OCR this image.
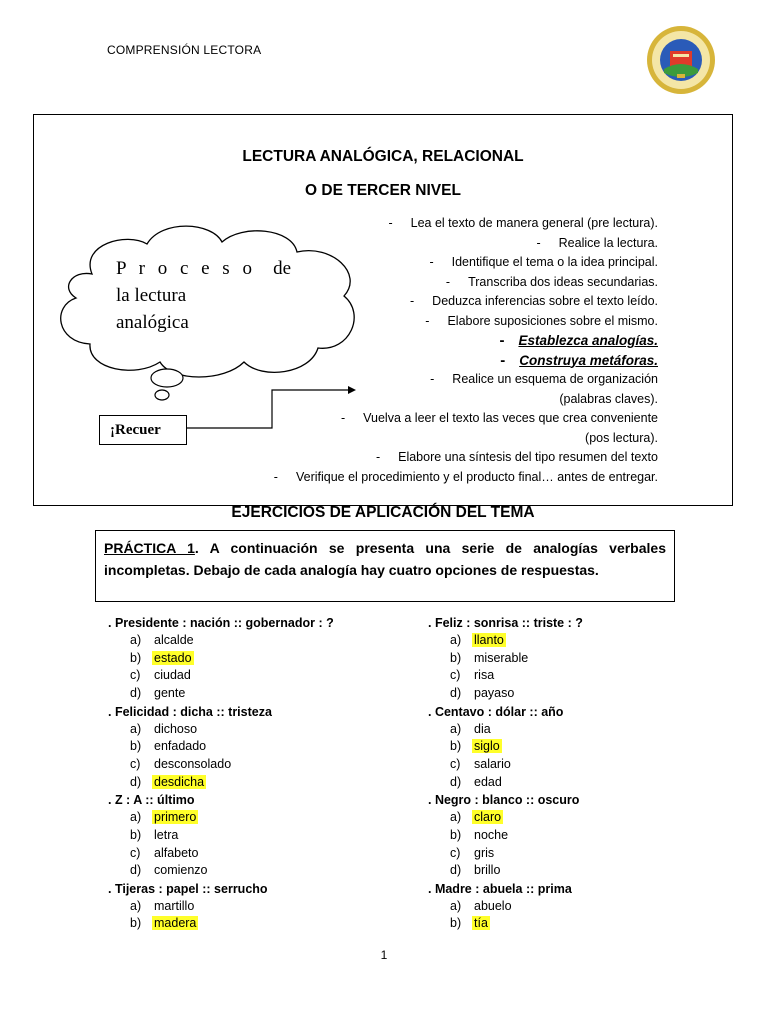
COMPRENSIÓN LECTORA
LECTURA ANALÓGICA, RELACIONAL
O DE TERCER NIVEL
P r o c e s o de
la lectura
analógica
¡Recuer
- Lea el texto de manera general (pre lectura).
- Realice la lectura.
- Identifique el tema o la idea principal.
- Transcriba dos ideas secundarias.
- Deduzca inferencias sobre el texto leído.
- Elabore suposiciones sobre el mismo.
- Establezca analogías.
- Construya metáforas.
- Realice un esquema de organización
(palabras claves).
- Vuelva a leer el texto las veces que crea conveniente
(pos lectura).
- Elabore una síntesis del tipo resumen del texto
- Verifique el procedimiento y el producto final… antes de entregar.
EJERCICIOS DE APLICACIÓN DEL TEMA
PRÁCTICA 1. A continuación se presenta una serie de analogías verbales incompletas. Debajo de cada analogía hay cuatro opciones de respuestas.
. Presidente : nación :: gobernador : ?
a) alcalde
b) estado
c) ciudad
d) gente
. Felicidad : dicha :: tristeza
a) dichoso
b) enfadado
c) desconsolado
d) desdicha
. Z : A :: último
a) primero
b) letra
c) alfabeto
d) comienzo
. Tijeras : papel :: serrucho
a) martillo
b) madera
. Feliz : sonrisa :: triste : ?
a) llanto
b) miserable
c) risa
d) payaso
. Centavo : dólar :: año
a) dia
b) siglo
c) salario
d) edad
. Negro : blanco :: oscuro
a) claro
b) noche
c) gris
d) brillo
. Madre : abuela :: prima
a) abuelo
b) tía
1
